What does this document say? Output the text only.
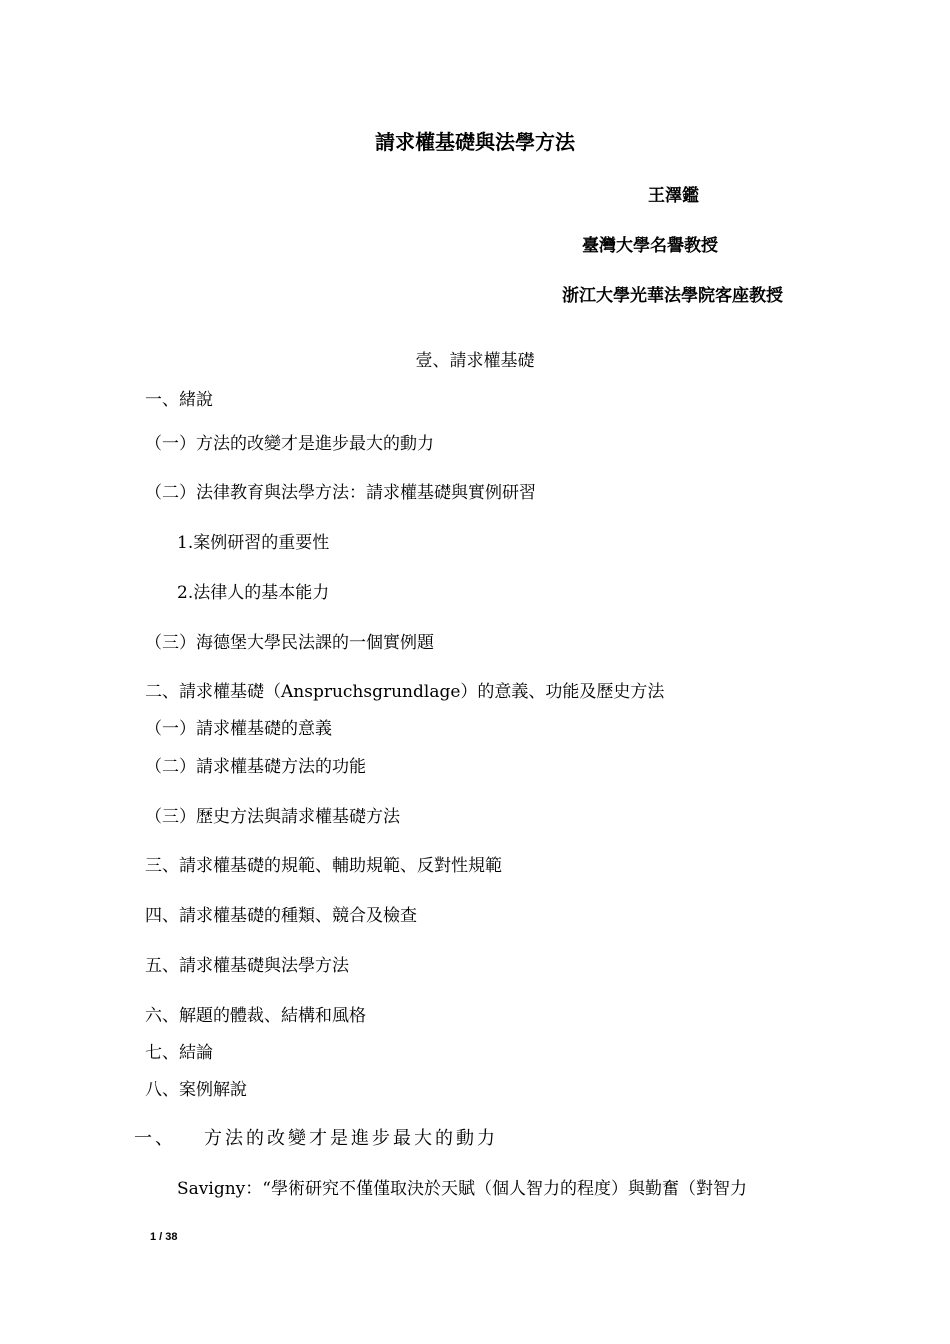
請求權基礎與法學方法
王澤鑑
臺灣大學名譽教授
浙江大學光華法學院客座教授
壹、請求權基礎
一、緒說
（一）方法的改變才是進步最大的動力
（二）法律教育與法學方法：請求權基礎與實例研習
1.案例研習的重要性
2.法律人的基本能力
（三）海德堡大學民法課的一個實例題
二、請求權基礎（Anspruchsgrundlage）的意義、功能及歷史方法
（一）請求權基礎的意義
（二）請求權基礎方法的功能
（三）歷史方法與請求權基礎方法
三、請求權基礎的規範、輔助規範、反對性規範
四、請求權基礎的種類、競合及檢查
五、請求權基礎與法學方法
六、解題的體裁、結構和風格
七、結論
八、案例解說
一、 方法的改變才是進步最大的動力
Savigny：“學術研究不僅僅取決於天賦（個人智力的程度）與勤奮（對智力
1 / 38
